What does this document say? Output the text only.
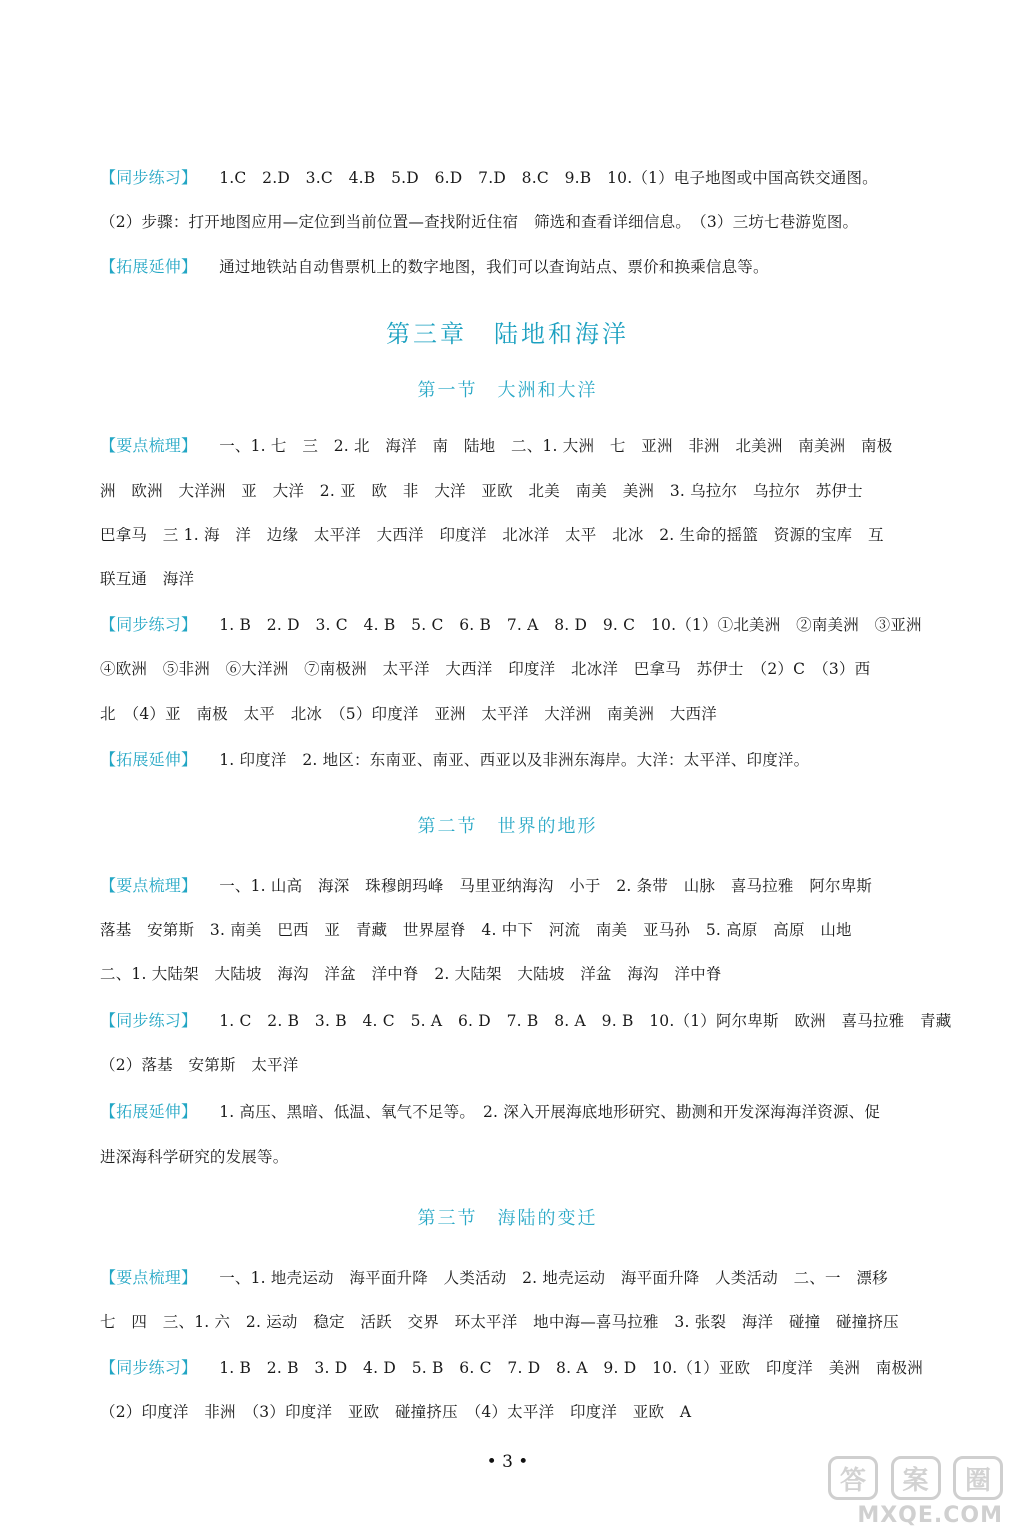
【同步练习】 1.C　2.D　3.C　4.B　5.D　6.D　7.D　8.C　9.B　10.（1）电子地图或中国高铁交通图。
（2）步骤：打开地图应用—定位到当前位置—查找附近住宿　筛选和查看详细信息。　（3）三坊七巷游览图。
【拓展延伸】 通过地铁站自动售票机上的数字地图，我们可以查询站点、票价和换乘信息等。
第三章　陆地和海洋
第一节　大洲和大洋
【要点梳理】 一、1. 七　三　2. 北　海洋　南　陆地　二、1. 大洲　七　亚洲　非洲　北美洲　南美洲　南极
洲　欧洲　大洋洲　亚　大洋　2. 亚　欧　非　大洋　亚欧　北美　南美　美洲　3. 乌拉尔　乌拉尔　苏伊士
巴拿马　三 1. 海　洋　边缘　太平洋　大西洋　印度洋　北冰洋　太平　北冰　2. 生命的摇篮　资源的宝库　互
联互通　海洋
【同步练习】 1. B　2. D　3. C　4. B　5. C　6. B　7. A　8. D　9. C　10.（1）①北美洲　②南美洲　③亚洲
④欧洲　⑤非洲　⑥大洋洲　⑦南极洲　太平洋　大西洋　印度洋　北冰洋　巴拿马　苏伊士　（2）C　（3）西
北　（4）亚　南极　太平　北冰　（5）印度洋　亚洲　太平洋　大洋洲　南美洲　大西洋
【拓展延伸】 1. 印度洋　2. 地区：东南亚、南亚、西亚以及非洲东海岸。大洋：太平洋、印度洋。
第二节　世界的地形
【要点梳理】 一、1. 山高　海深　珠穆朗玛峰　马里亚纳海沟　小于　2. 条带　山脉　喜马拉雅　阿尔卑斯
落基　安第斯　3. 南美　巴西　亚　青藏　世界屋脊　4. 中下　河流　南美　亚马孙　5. 高原　高原　山地
二、1. 大陆架　大陆坡　海沟　洋盆　洋中脊　2. 大陆架　大陆坡　洋盆　海沟　洋中脊
【同步练习】 1. C　2. B　3. B　4. C　5. A　6. D　7. B　8. A　9. B　10.（1）阿尔卑斯　欧洲　喜马拉雅　青藏
（2）落基　安第斯　太平洋
【拓展延伸】 1. 高压、黑暗、低温、氧气不足等。　2. 深入开展海底地形研究、勘测和开发深海海洋资源、促
进深海科学研究的发展等。
第三节　海陆的变迁
【要点梳理】 一、1. 地壳运动　海平面升降　人类活动　2. 地壳运动　海平面升降　人类活动　二、一　漂移
七　四　三、1. 六　2. 运动　稳定　活跃　交界　环太平洋　地中海—喜马拉雅　3. 张裂　海洋　碰撞　碰撞挤压
【同步练习】 1. B　2. B　3. D　4. D　5. B　6. C　7. D　8. A　9. D　10.（1）亚欧　印度洋　美洲　南极洲
（2）印度洋　非洲　（3）印度洋　亚欧　碰撞挤压　（4）太平洋　印度洋　亚欧　A
• 3 •
答	案	圈
MXQE.COM
